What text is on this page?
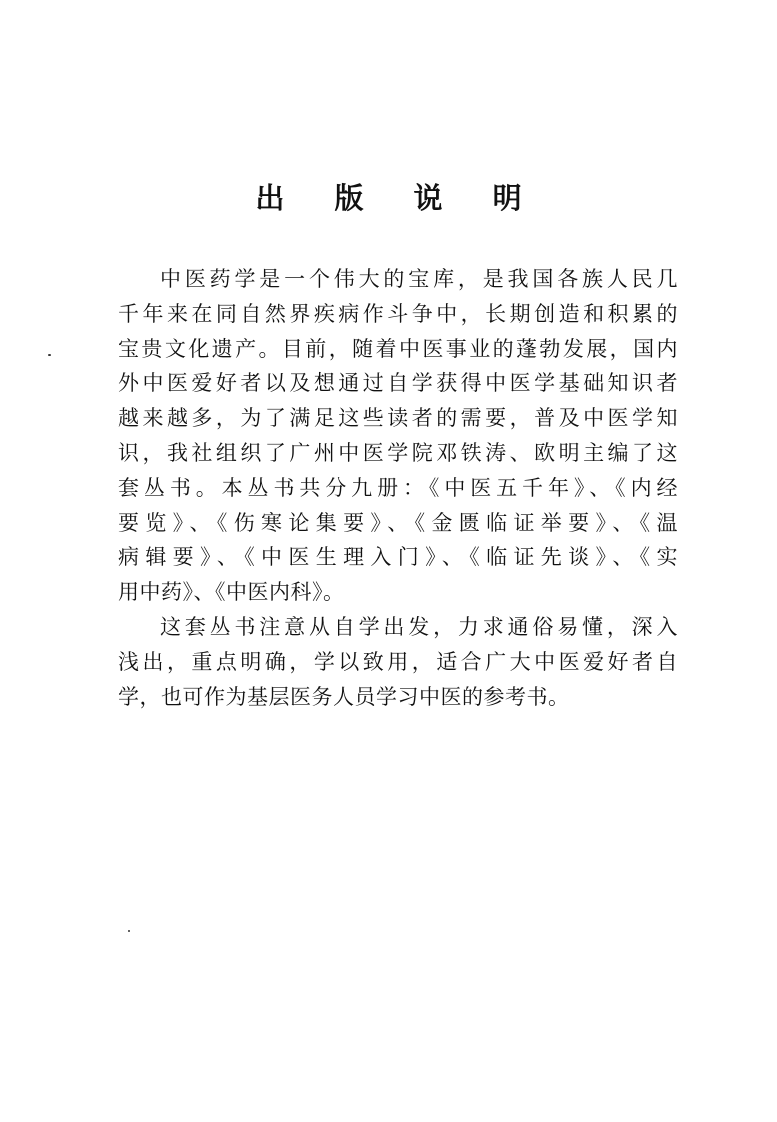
出 版 说 明
中医药学是一个伟大的宝库，是我国各族人民几
千年来在同自然界疾病作斗争中，长期创造和积累的
宝贵文化遗产。目前，随着中医事业的蓬勃发展，国内
外中医爱好者以及想通过自学获得中医学基础知识者
越来越多，为了满足这些读者的需要，普及中医学知
识，我社组织了广州中医学院邓铁涛、欧明主编了这
套丛书。本丛书共分九册：《中医五千年》、《内经
要览》、《伤寒论集要》、《金匮临证举要》、《温
病辑要》、《中医生理入门》、《临证先谈》、《实
用中药》、《中医内科》。
这套丛书注意从自学出发，力求通俗易懂，深入
浅出，重点明确，学以致用，适合广大中医爱好者自
学，也可作为基层医务人员学习中医的参考书。
